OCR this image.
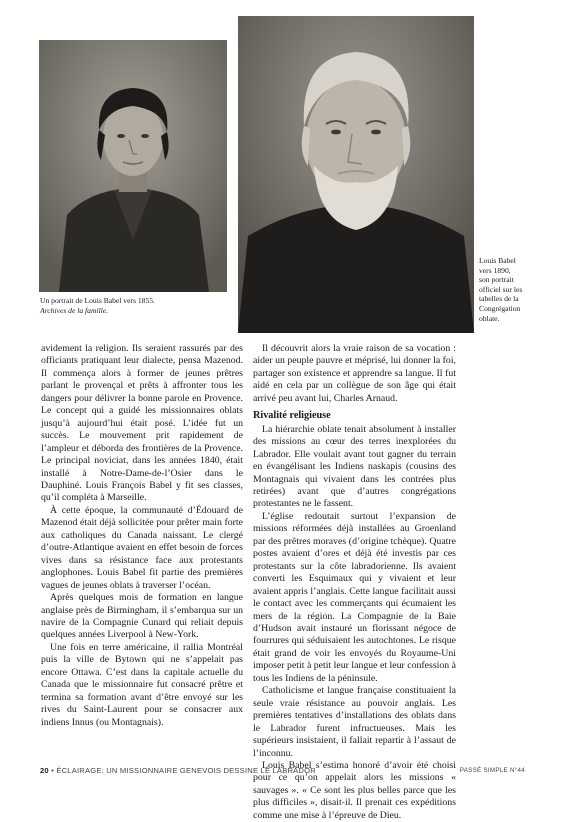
Un portrait de Louis Babel vers 1855.
Archives de la famille.
Louis Babel
vers 1890,
son portrait
officiel sur les
tabelles de la
Congrégation
oblate.

avidement la religion. Ils seraient rassurés par des officiants pratiquant leur dialecte, pensa Mazenod. Il commença alors à former de jeunes prêtres parlant le provençal et prêts à affronter tous les dangers pour délivrer la bonne parole en Provence. Le concept qui a guidé les missionnaires oblats jusqu’à aujourd’hui était posé. L’idée fut un succès. Le mouvement prit rapidement de l’ampleur et déborda des frontières de la Provence. Le principal noviciat, dans les années 1840, était installé à Notre-Dame-de-l’Osier dans le Dauphiné. Louis François Babel y fit ses classes, qu’il compléta à Marseille.

À cette époque, la communauté d’Édouard de Mazenod était déjà sollicitée pour prêter main forte aux catholiques du Canada naissant. Le clergé d’outre-Atlantique avaient en effet besoin de forces vives dans sa résistance face aux protestants anglophones. Louis Babel fit partie des premières vagues de jeunes oblats à traverser l’océan.

Après quelques mois de formation en langue anglaise près de Birmingham, il s’embarqua sur un navire de la Compagnie Cunard qui reliait depuis quelques années Liverpool à New-York.

Une fois en terre américaine, il rallia Montréal puis la ville de Bytown qui ne s’appelait pas encore Ottawa. C’est dans la capitale actuelle du Canada que le missionnaire fut consacré prêtre et termina sa formation avant d’être envoyé sur les rives du Saint-Laurent pour se consacrer aux indiens Innus (ou Montagnais).

Il découvrit alors la vraie raison de sa vocation : aider un peuple pauvre et méprisé, lui donner la foi, partager son existence et apprendre sa langue. Il fut aidé en cela par un collègue de son âge qui était arrivé peu avant lui, Charles Arnaud.

Rivalité religieuse

La hiérarchie oblate tenait absolument à installer des missions au cœur des terres inexplorées du Labrador. Elle voulait avant tout gagner du terrain en évangélisant les Indiens naskapis (cousins des Montagnais qui vivaient dans les contrées plus retirées) avant que d’autres congrégations protestantes ne le fassent.

L’église redoutait surtout l’expansion de missions réformées déjà installées au Groenland par des prêtres moraves (d’origine tchèque). Quatre postes avaient d’ores et déjà été investis par ces protestants sur la côte labradorienne. Ils avaient converti les Esquimaux qui y vivaient et leur avaient appris l’anglais. Cette langue facilitait aussi le contact avec les commerçants qui écumaient les mers de la région. La Compagnie de la Baie d’Hudson avait instauré un florissant négoce de fourrures qui séduisaient les autochtones. Le risque était grand de voir les envoyés du Royaume-Uni imposer petit à petit leur langue et leur confession à tous les Indiens de la péninsule.

Catholicisme et langue française constituaient la seule vraie résistance au pouvoir anglais. Les premières tentatives d’installations des oblats dans le Labrador furent infructueuses. Mais les supérieurs insistaient, il fallait repartir à l’assaut de l’inconnu.

Louis Babel s’estima honoré d’avoir été choisi pour ce qu’on appelait alors les missions « sauvages ». « Ce sont les plus belles parce que les plus difficiles », disait-il. Il prenait ces expéditions comme une mise à l’épreuve de Dieu.

20 • ÉCLAIRAGE: UN MISSIONNAIRE GENEVOIS DESSINE LE LABRADOR	PASSÉ SIMPLE N°44
